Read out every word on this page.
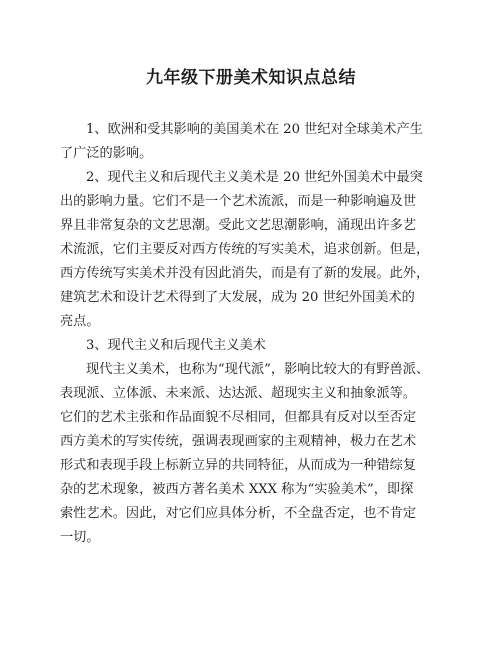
九年级下册美术知识点总结
1、欧洲和受其影响的美国美术在 20 世纪对全球美术产生
了广泛的影响。
2、现代主义和后现代主义美术是 20 世纪外国美术中最突
出的影响力量。它们不是一个艺术流派，而是一种影响遍及世
界且非常复杂的文艺思潮。受此文艺思潮影响，涌现出许多艺
术流派，它们主要反对西方传统的写实美术，追求创新。但是，
西方传统写实美术并没有因此消失，而是有了新的发展。此外，
建筑艺术和设计艺术得到了大发展，成为 20 世纪外国美术的
亮点。
3、现代主义和后现代主义美术
现代主义美术，也称为“现代派”，影响比较大的有野兽派、
表现派、立体派、未来派、达达派、超现实主义和抽象派等。
它们的艺术主张和作品面貌不尽相同，但都具有反对以至否定
西方美术的写实传统，强调表现画家的主观精神，极力在艺术
形式和表现手段上标新立异的共同特征，从而成为一种错综复
杂的艺术现象，被西方著名美术 XXX 称为“实验美术”，即探
索性艺术。因此，对它们应具体分析，不全盘否定，也不肯定
一切。
